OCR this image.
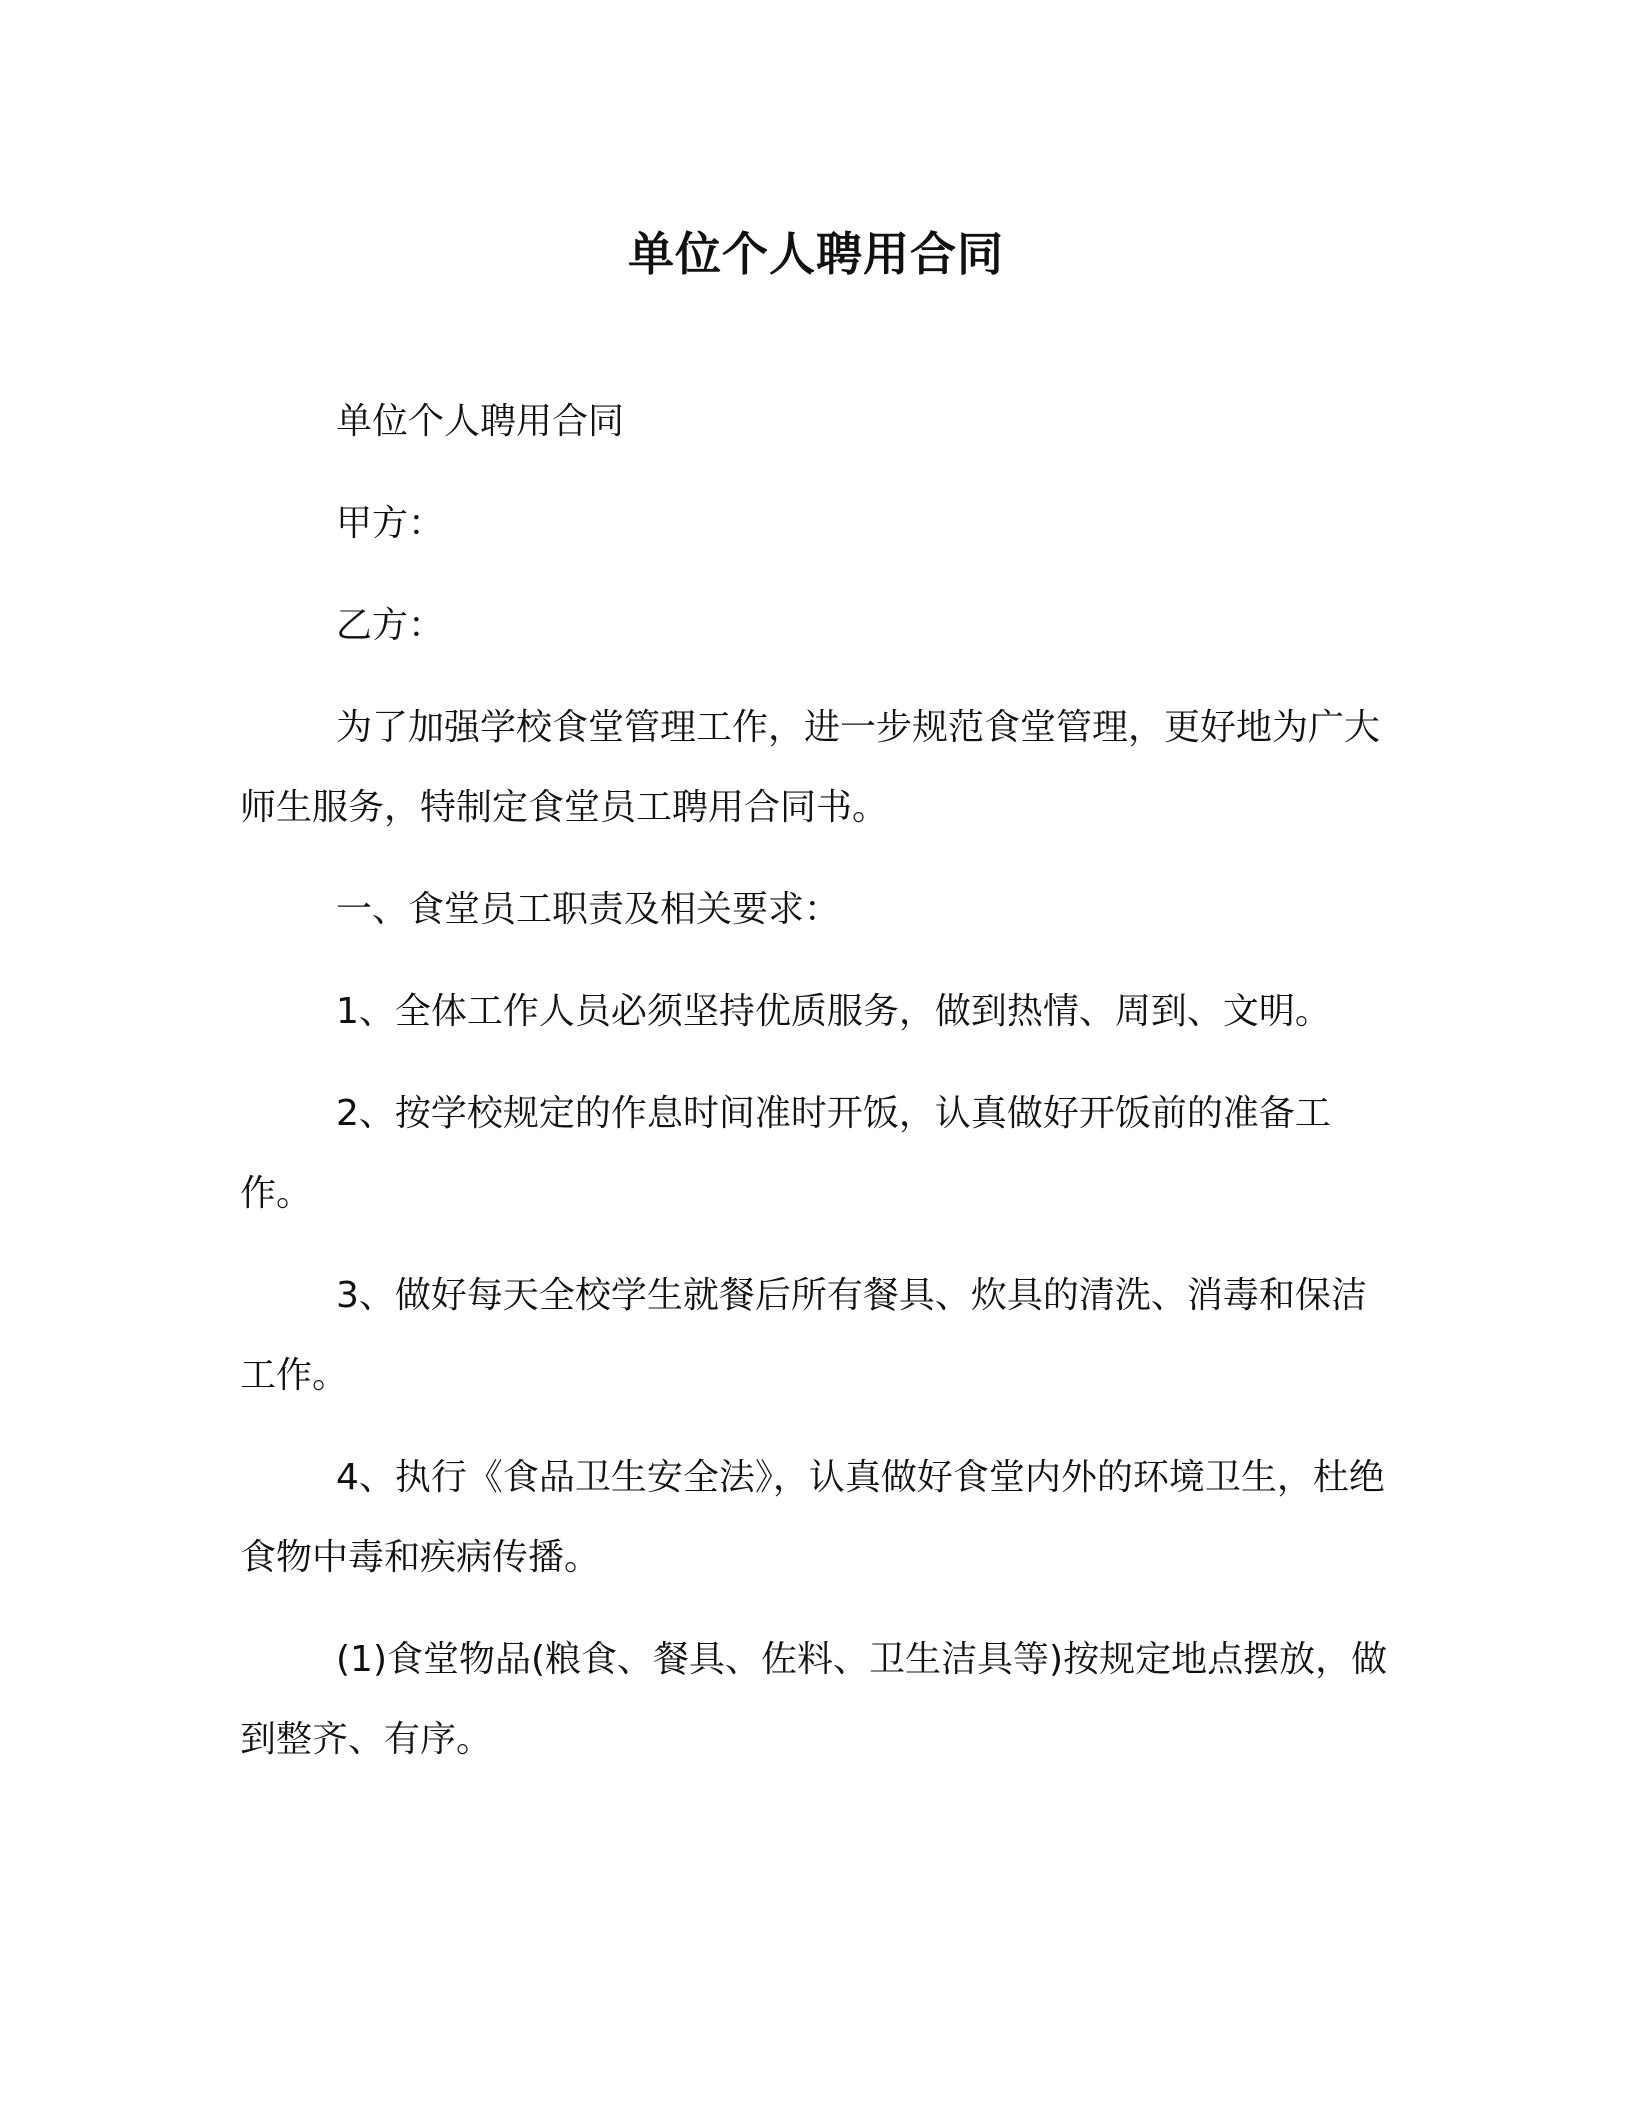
单位个人聘用合同

单位个人聘用合同

甲方：

乙方：

为了加强学校食堂管理工作，进一步规范食堂管理，更好地为广大师生服务，特制定食堂员工聘用合同书。

一、食堂员工职责及相关要求：

1、全体工作人员必须坚持优质服务，做到热情、周到、文明。

2、按学校规定的作息时间准时开饭，认真做好开饭前的准备工作。

3、做好每天全校学生就餐后所有餐具、炊具的清洗、消毒和保洁工作。

4、执行《食品卫生安全法》，认真做好食堂内外的环境卫生，杜绝食物中毒和疾病传播。

(1)食堂物品(粮食、餐具、佐料、卫生洁具等)按规定地点摆放，做到整齐、有序。
